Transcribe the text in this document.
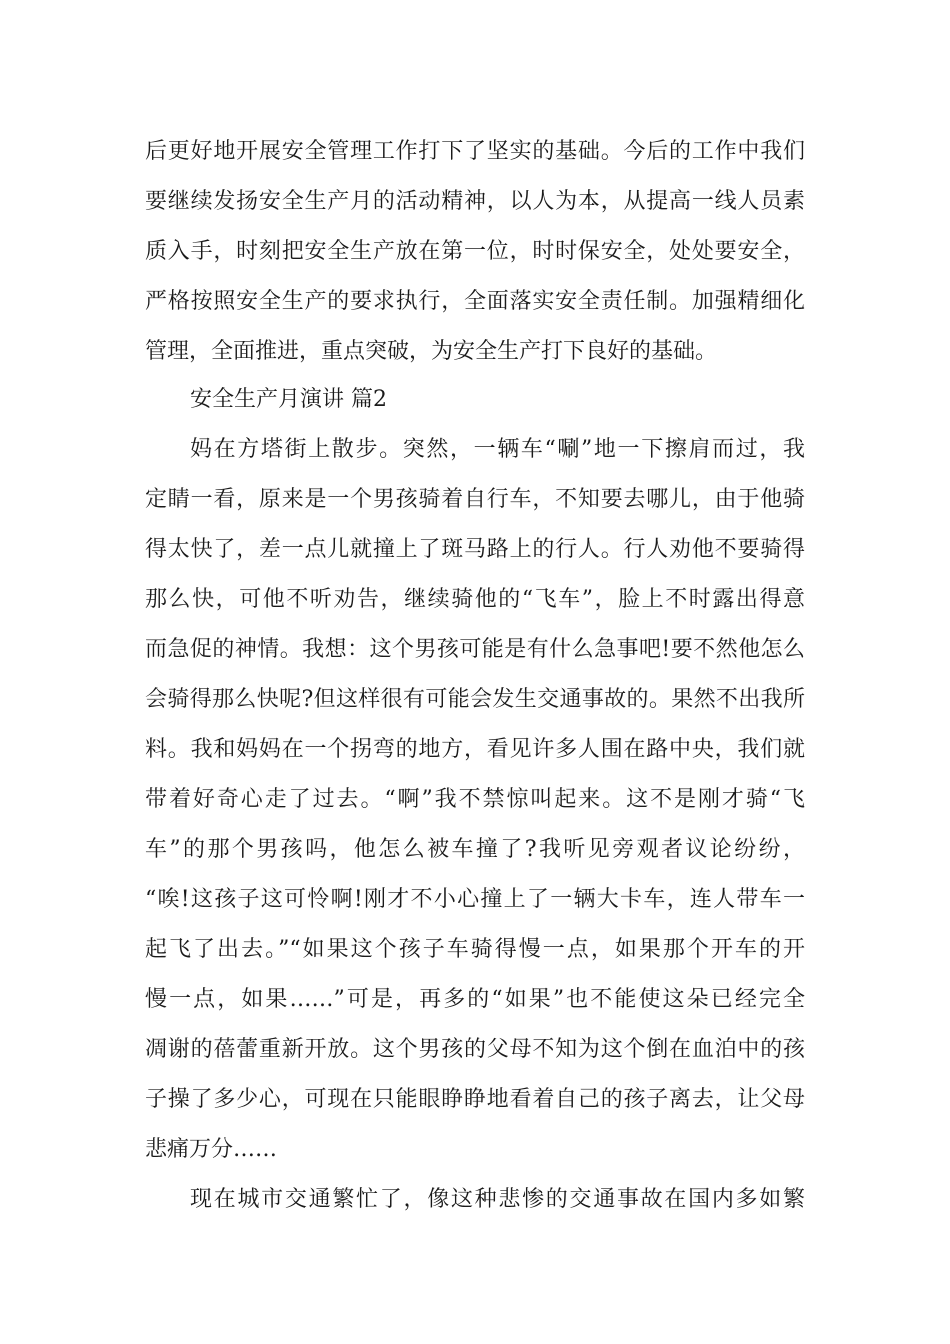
后更好地开展安全管理工作打下了坚实的基础。今后的工作中我们
要继续发扬安全生产月的活动精神，以人为本，从提高一线人员素
质入手，时刻把安全生产放在第一位，时时保安全，处处要安全，
严格按照安全生产的要求执行，全面落实安全责任制。加强精细化
管理，全面推进，重点突破，为安全生产打下良好的基础。
安全生产月演讲 篇2
妈在方塔街上散步。突然，一辆车“唰”地一下擦肩而过，我
定睛一看，原来是一个男孩骑着自行车，不知要去哪儿，由于他骑
得太快了，差一点儿就撞上了斑马路上的行人。行人劝他不要骑得
那么快，可他不听劝告，继续骑他的“飞车”，脸上不时露出得意
而急促的神情。我想：这个男孩可能是有什么急事吧!要不然他怎么
会骑得那么快呢?但这样很有可能会发生交通事故的。果然不出我所
料。我和妈妈在一个拐弯的地方，看见许多人围在路中央，我们就
带着好奇心走了过去。“啊”我不禁惊叫起来。这不是刚才骑“飞
车”的那个男孩吗，他怎么被车撞了?我听见旁观者议论纷纷，
“唉!这孩子这可怜啊!刚才不小心撞上了一辆大卡车，连人带车一
起飞了出去。”“如果这个孩子车骑得慢一点，如果那个开车的开
慢一点，如果……”可是，再多的“如果”也不能使这朵已经完全
凋谢的蓓蕾重新开放。这个男孩的父母不知为这个倒在血泊中的孩
子操了多少心，可现在只能眼睁睁地看着自己的孩子离去，让父母
悲痛万分……
现在城市交通繁忙了，像这种悲惨的交通事故在国内多如繁
